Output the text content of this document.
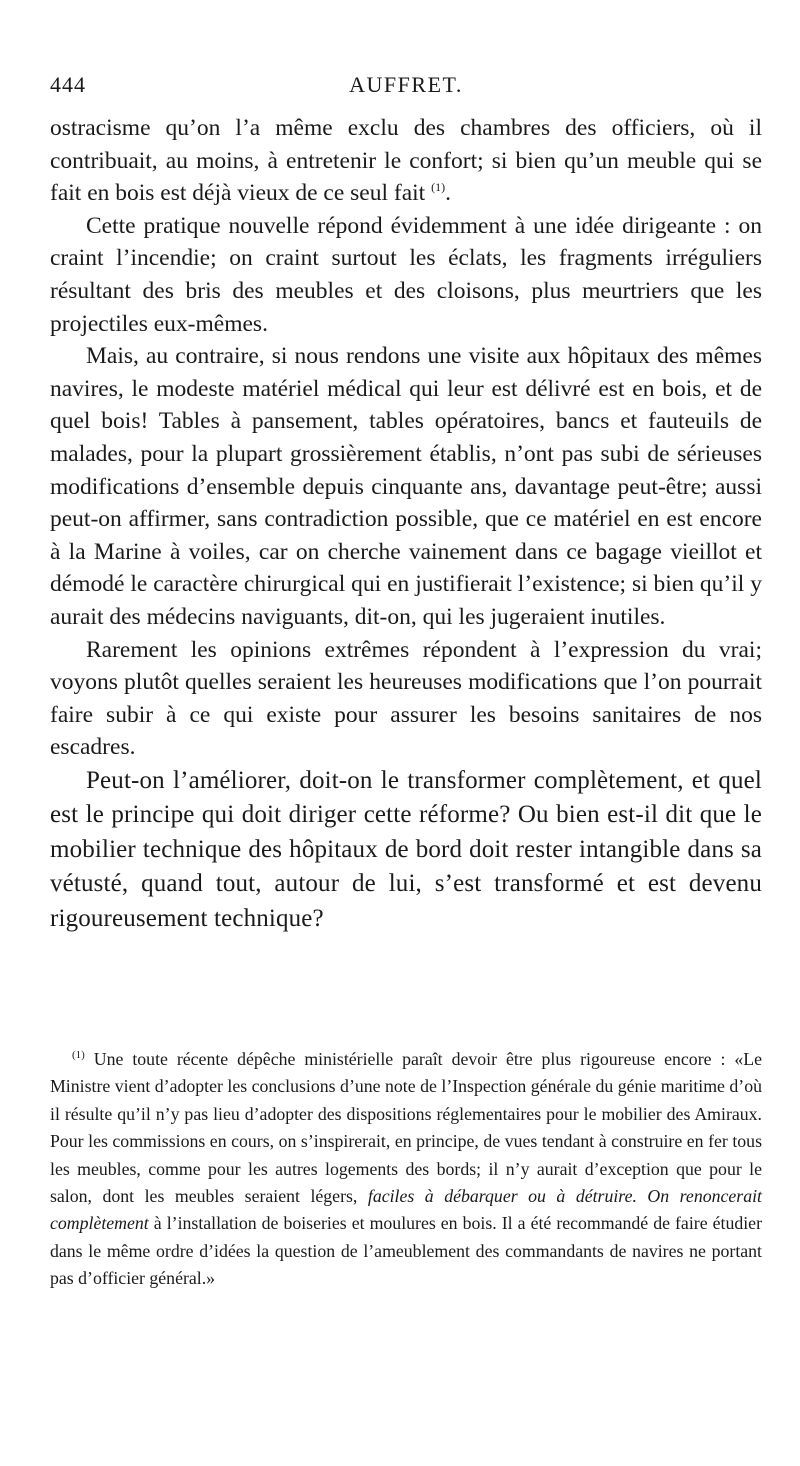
444	AUFFRET.

ostracisme qu’on l’a même exclu des chambres des officiers, où il contribuait, au moins, à entretenir le confort; si bien qu’un meuble qui se fait en bois est déjà vieux de ce seul fait $^{(1)}$.

Cette pratique nouvelle répond évidemment à une idée dirigeante : on craint l’incendie; on craint surtout les éclats, les fragments irréguliers résultant des bris des meubles et des cloisons, plus meurtriers que les projectiles eux-mêmes.

Mais, au contraire, si nous rendons une visite aux hôpitaux des mêmes navires, le modeste matériel médical qui leur est délivré est en bois, et de quel bois! Tables à pansement, tables opératoires, bancs et fauteuils de malades, pour la plupart grossièrement établis, n’ont pas subi de sérieuses modifications d’ensemble depuis cinquante ans, davantage peut-être; aussi peut-on affirmer, sans contradiction possible, que ce matériel en est encore à la Marine à voiles, car on cherche vainement dans ce bagage vieillot et démodé le caractère chirurgical qui en justifierait l’existence; si bien qu’il y aurait des médecins naviguants, dit-on, qui les jugeraient inutiles.

Rarement les opinions extrêmes répondent à l’expression du vrai; voyons plutôt quelles seraient les heureuses modifications que l’on pourrait faire subir à ce qui existe pour assurer les besoins sanitaires de nos escadres.

Peut-on l’améliorer, doit-on le transformer complètement, et quel est le principe qui doit diriger cette réforme? Ou bien est-il dit que le mobilier technique des hôpitaux de bord doit rester intangible dans sa vétusté, quand tout, autour de lui, s’est transformé et est devenu rigoureusement technique?

$^{(1)}$ Une toute récente dépêche ministérielle paraît devoir être plus rigoureuse encore : «Le Ministre vient d’adopter les conclusions d’une note de l’Inspection générale du génie maritime d’où il résulte qu’il n’y pas lieu d’adopter des dispositions réglementaires pour le mobilier des Amiraux. Pour les commissions en cours, on s’inspirerait, en principe, de vues tendant à construire en fer tous les meubles, comme pour les autres logements des bords; il n’y aurait d’exception que pour le salon, dont les meubles seraient légers, faciles à débarquer ou à détruire. On renoncerait complètement à l’installation de boiseries et moulures en bois. Il a été recommandé de faire étudier dans le même ordre d’idées la question de l’ameublement des commandants de navires ne portant pas d’officier général.»
